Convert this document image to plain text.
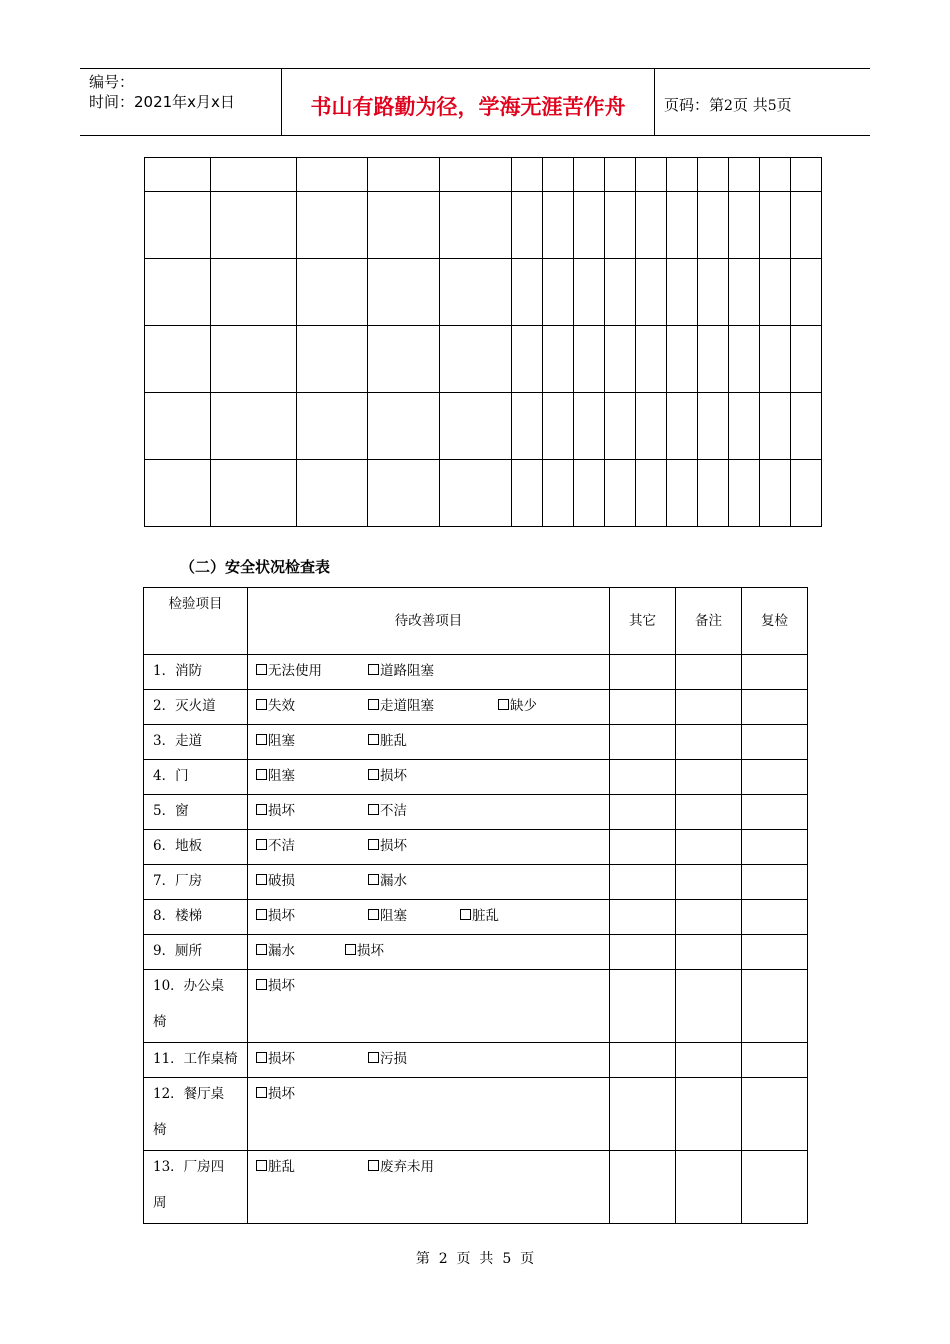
编号：
时间：2021年x月x日	书山有路勤为径，学海无涯苦作舟	页码：第2页 共5页

（二）安全状况检查表
检验项目	待改善项目	其它	备注	复检
1．消防	无法使用 道路阻塞			

2．灭火道	失效 走道阻塞 缺少			

3．走道	阻塞 脏乱			

4．门	阻塞 损坏			

5．窗	损坏 不洁			

6．地板	不洁 损坏			

7．厂房	破损 漏水			

8．楼梯	损坏 阻塞 脏乱			

9．厕所	漏水 损坏			

10．办公桌
椅	损坏			

11．工作桌椅	损坏 污损			

12．餐厅桌
椅	损坏			

13．厂房四
周	脏乱 废弃未用			

第  2  页  共  5  页
